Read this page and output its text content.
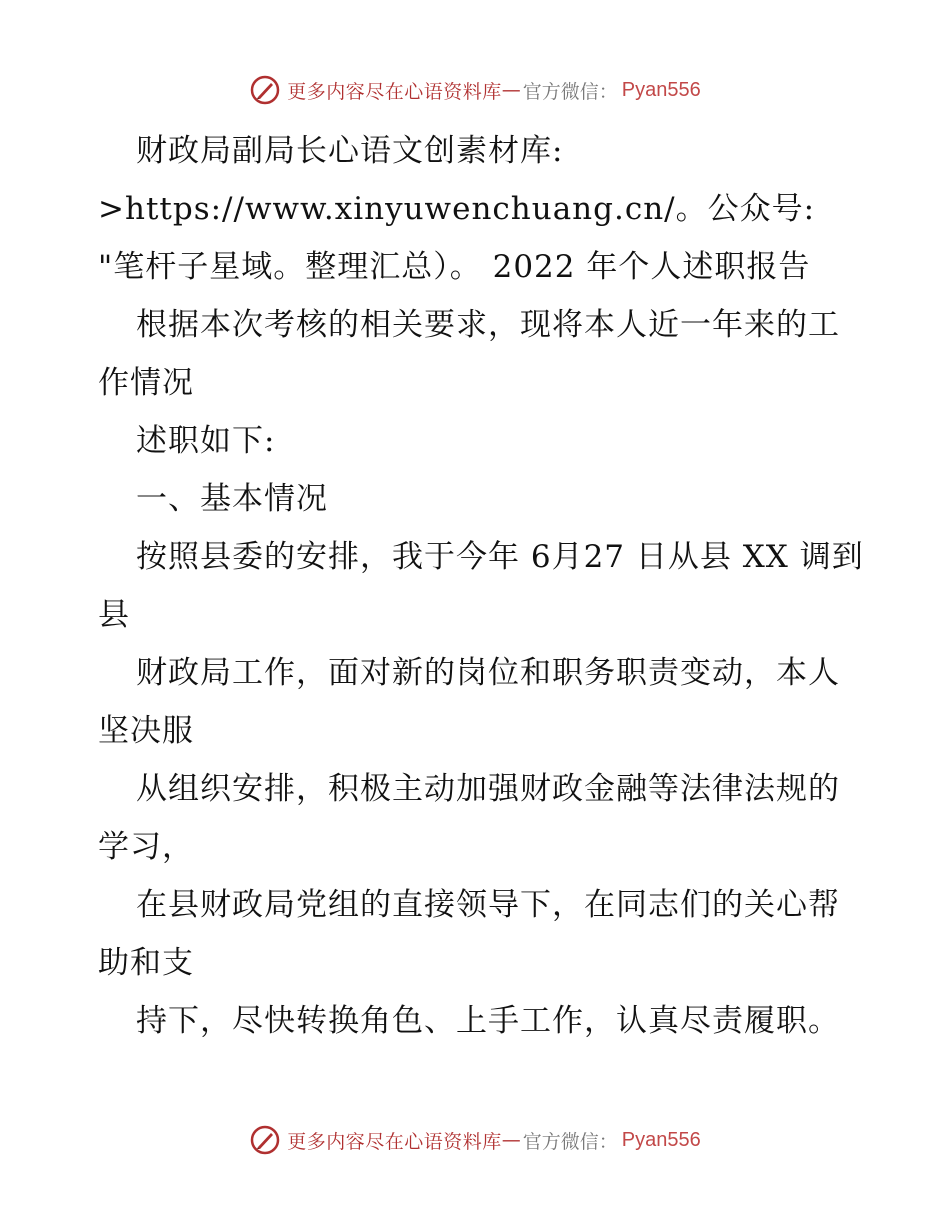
更多内容尽在心语资料库 — 官方微信： Pyan556

财政局副局长心语文创素材库: >https://www.xinyuwenchuang.cn/。公众号: "笔杆子星域。整理汇总）。 2022 年个人述职报告

根据本次考核的相关要求，现将本人近一年来的工作情况

述职如下:

一、基本情况

按照县委的安排，我于今年 6月27 日从县 XX 调到县

财政局工作，面对新的岗位和职务职责变动，本人坚决服

从组织安排，积极主动加强财政金融等法律法规的学习，

在县财政局党组的直接领导下，在同志们的关心帮助和支

持下，尽快转换角色、上手工作，认真尽责履职。

更多内容尽在心语资料库 — 官方微信： Pyan556
